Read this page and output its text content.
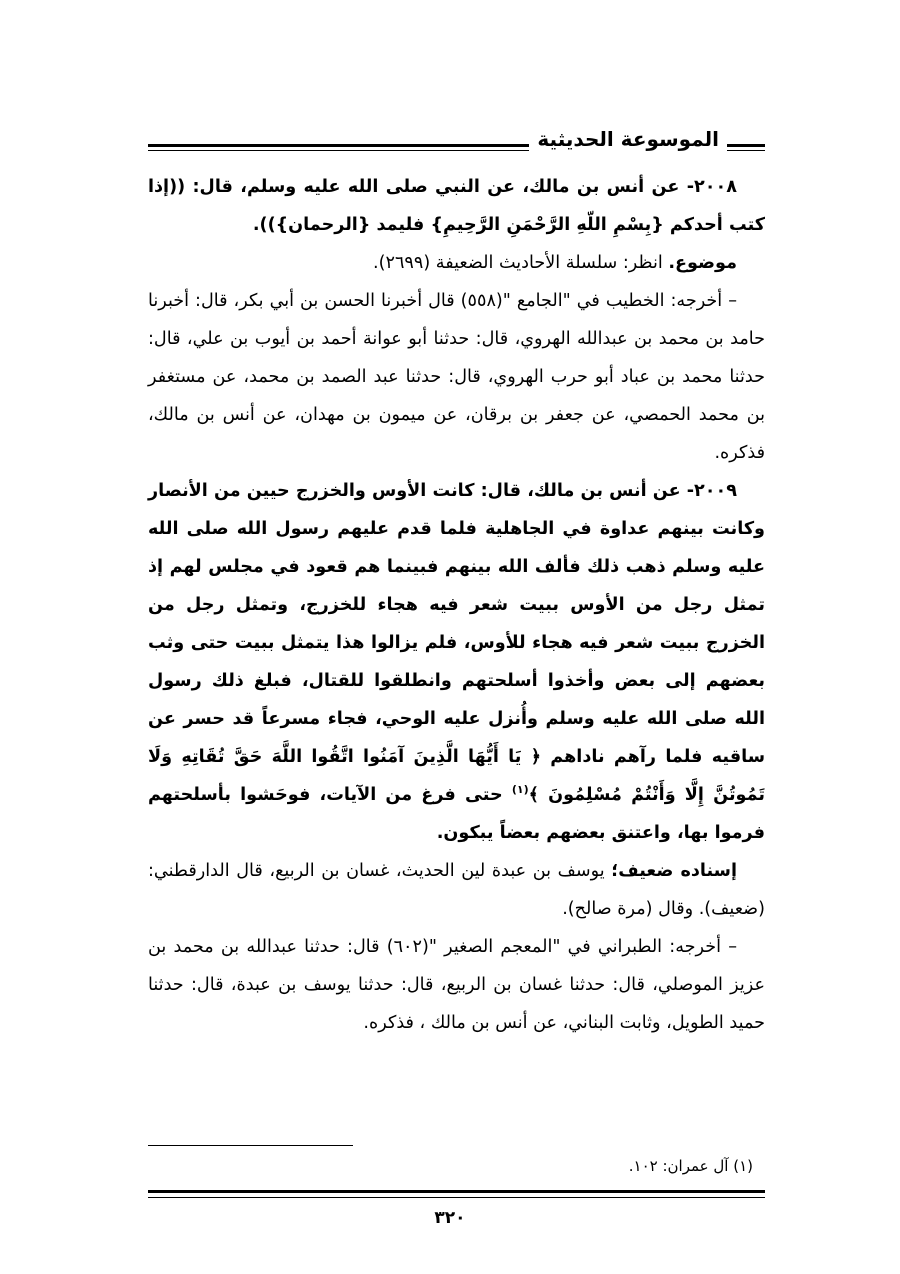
الموسوعة الحديثية

٢٠٠٨- عن أنس بن مالك، عن النبي صلى الله عليه وسلم، قال: ((إذا كتب أحدكم {بِسْمِ اللّهِ الرَّحْمَنِ الرَّحِيمِ} فليمد {الرحمان})).

موضوع. انظر: سلسلة الأحاديث الضعيفة (٢٦٩٩).

– أخرجه: الخطيب في "الجامع "(٥٥٨) قال أخبرنا الحسن بن أبي بكر، قال: أخبرنا حامد بن محمد بن عبدالله الهروي، قال: حدثنا أبو عوانة أحمد بن أيوب بن علي، قال: حدثنا محمد بن عباد أبو حرب الهروي، قال: حدثنا عبد الصمد بن محمد، عن مستغفر بن محمد الحمصي، عن جعفر بن برقان، عن ميمون بن مهدان، عن أنس بن مالك، فذكره.

٢٠٠٩- عن أنس بن مالك، قال: كانت الأوس والخزرج حيين من الأنصار وكانت بينهم عداوة في الجاهلية فلما قدم عليهم رسول الله صلى الله عليه وسلم ذهب ذلك فألف الله بينهم فبينما هم قعود في مجلس لهم إذ تمثل رجل من الأوس ببيت شعر فيه هجاء للخزرج، وتمثل رجل من الخزرج ببيت شعر فيه هجاء للأوس، فلم يزالوا هذا يتمثل ببيت حتى وثب بعضهم إلى بعض وأخذوا أسلحتهم وانطلقوا للقتال، فبلغ ذلك رسول الله صلى الله عليه وسلم وأُنزل عليه الوحي، فجاء مسرعاً قد حسر عن ساقيه فلما رآهم ناداهم ﴿ يَا أَيُّهَا الَّذِينَ آمَنُوا اتَّقُوا اللَّهَ حَقَّ تُقَاتِهِ وَلَا تَمُوتُنَّ إِلَّا وَأَنْتُمْ مُسْلِمُونَ ﴾$^{(١)}$ حتى فرغ من الآيات، فوحَشوا بأسلحتهم فرموا بها، واعتنق بعضهم بعضاً يبكون.

إسناده ضعيف؛ يوسف بن عبدة لين الحديث، غسان بن الربيع، قال الدارقطني: (ضعيف). وقال (مرة صالح).

– أخرجه: الطبراني في "المعجم الصغير "(٦٠٢) قال: حدثنا عبدالله بن محمد بن عزيز الموصلي، قال: حدثنا غسان بن الربيع، قال: حدثنا يوسف بن عبدة، قال: حدثنا حميد الطويل، وثابت البناني، عن أنس بن مالك ، فذكره.

(١) آل عمران: ١٠٢.
٣٢٠
